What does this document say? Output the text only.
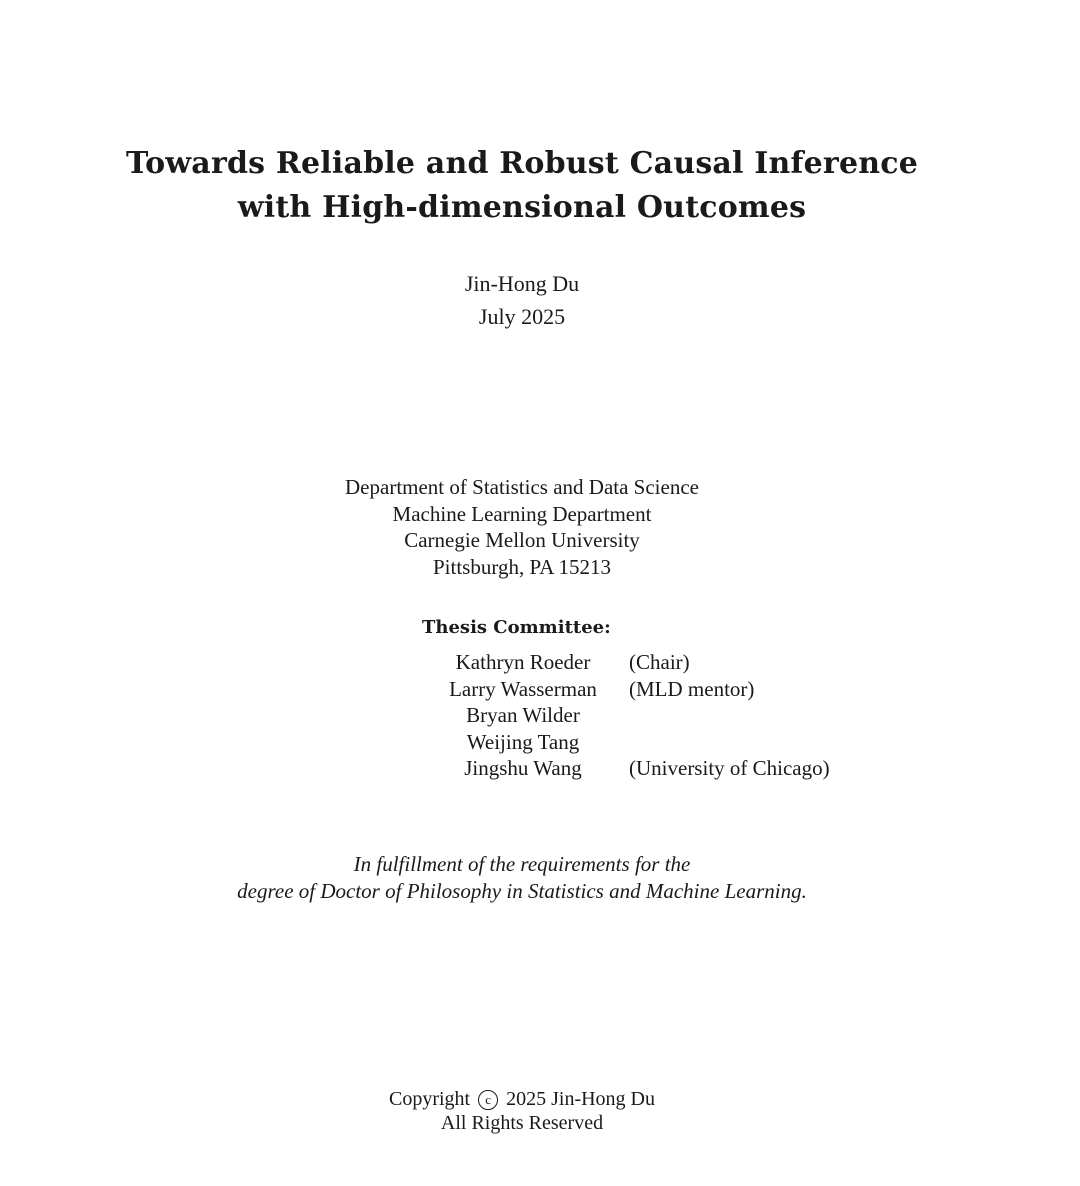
Towards Reliable and Robust Causal Inference
with High-dimensional Outcomes
Jin-Hong Du
July 2025
Department of Statistics and Data Science
Machine Learning Department
Carnegie Mellon University
Pittsburgh, PA 15213
Thesis Committee:
Kathryn Roeder	(Chair)
Larry Wasserman	(MLD mentor)
Bryan Wilder
Weijing Tang
Jingshu Wang	(University of Chicago)
In fulfillment of the requirements for the
degree of Doctor of Philosophy in Statistics and Machine Learning.
Copyright c 2025 Jin-Hong Du
All Rights Reserved
